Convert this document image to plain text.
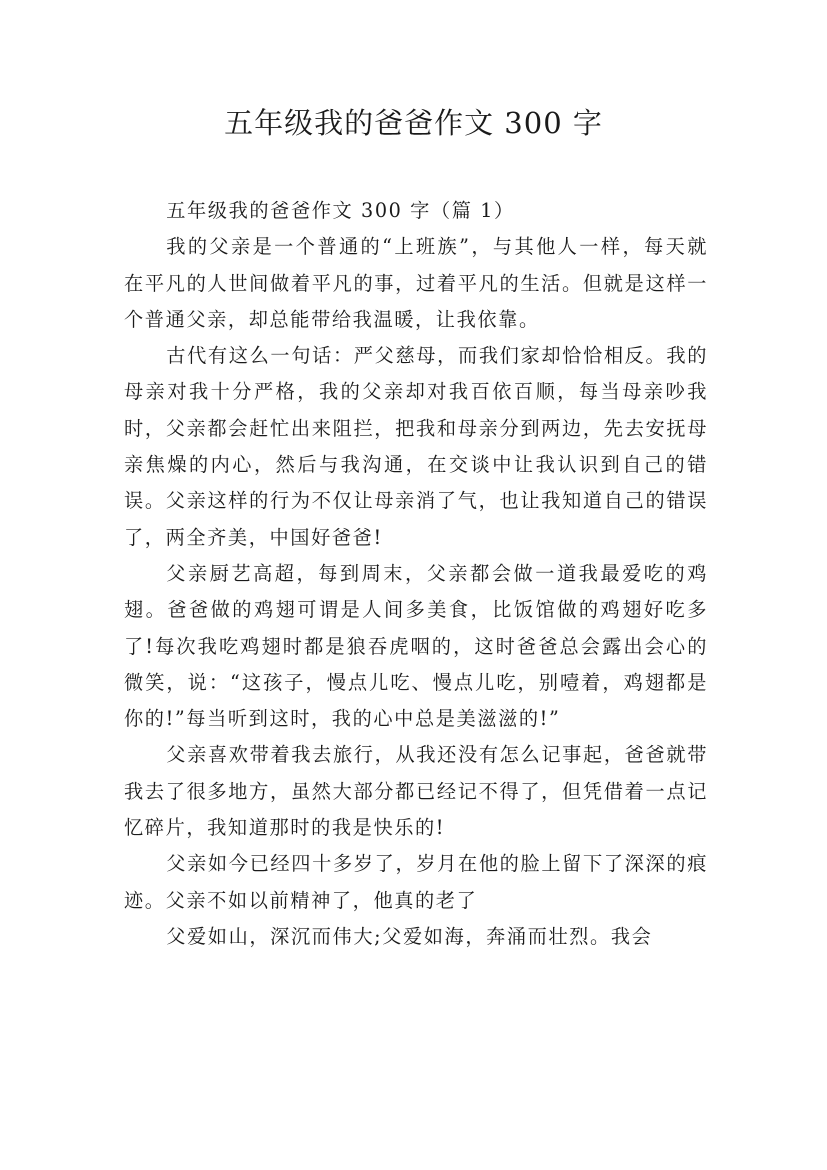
五年级我的爸爸作文 300 字

五年级我的爸爸作文 300 字（篇 1）

我的父亲是一个普通的“上班族”，与其他人一样，每天就在平凡的人世间做着平凡的事，过着平凡的生活。但就是这样一个普通父亲，却总能带给我温暖，让我依靠。

古代有这么一句话：严父慈母，而我们家却恰恰相反。我的母亲对我十分严格，我的父亲却对我百依百顺，每当母亲吵我时，父亲都会赶忙出来阻拦，把我和母亲分到两边，先去安抚母亲焦燥的内心，然后与我沟通，在交谈中让我认识到自己的错误。父亲这样的行为不仅让母亲消了气，也让我知道自己的错误了，两全齐美，中国好爸爸!

父亲厨艺高超，每到周末，父亲都会做一道我最爱吃的鸡翅。爸爸做的鸡翅可谓是人间多美食，比饭馆做的鸡翅好吃多了!每次我吃鸡翅时都是狼吞虎咽的，这时爸爸总会露出会心的微笑，说：“这孩子，慢点儿吃、慢点儿吃，别噎着，鸡翅都是你的!”每当听到这时，我的心中总是美滋滋的!”

父亲喜欢带着我去旅行，从我还没有怎么记事起，爸爸就带我去了很多地方，虽然大部分都已经记不得了，但凭借着一点记忆碎片，我知道那时的我是快乐的!

父亲如今已经四十多岁了，岁月在他的脸上留下了深深的痕迹。父亲不如以前精神了，他真的老了

父爱如山，深沉而伟大;父爱如海，奔涌而壮烈。我会
